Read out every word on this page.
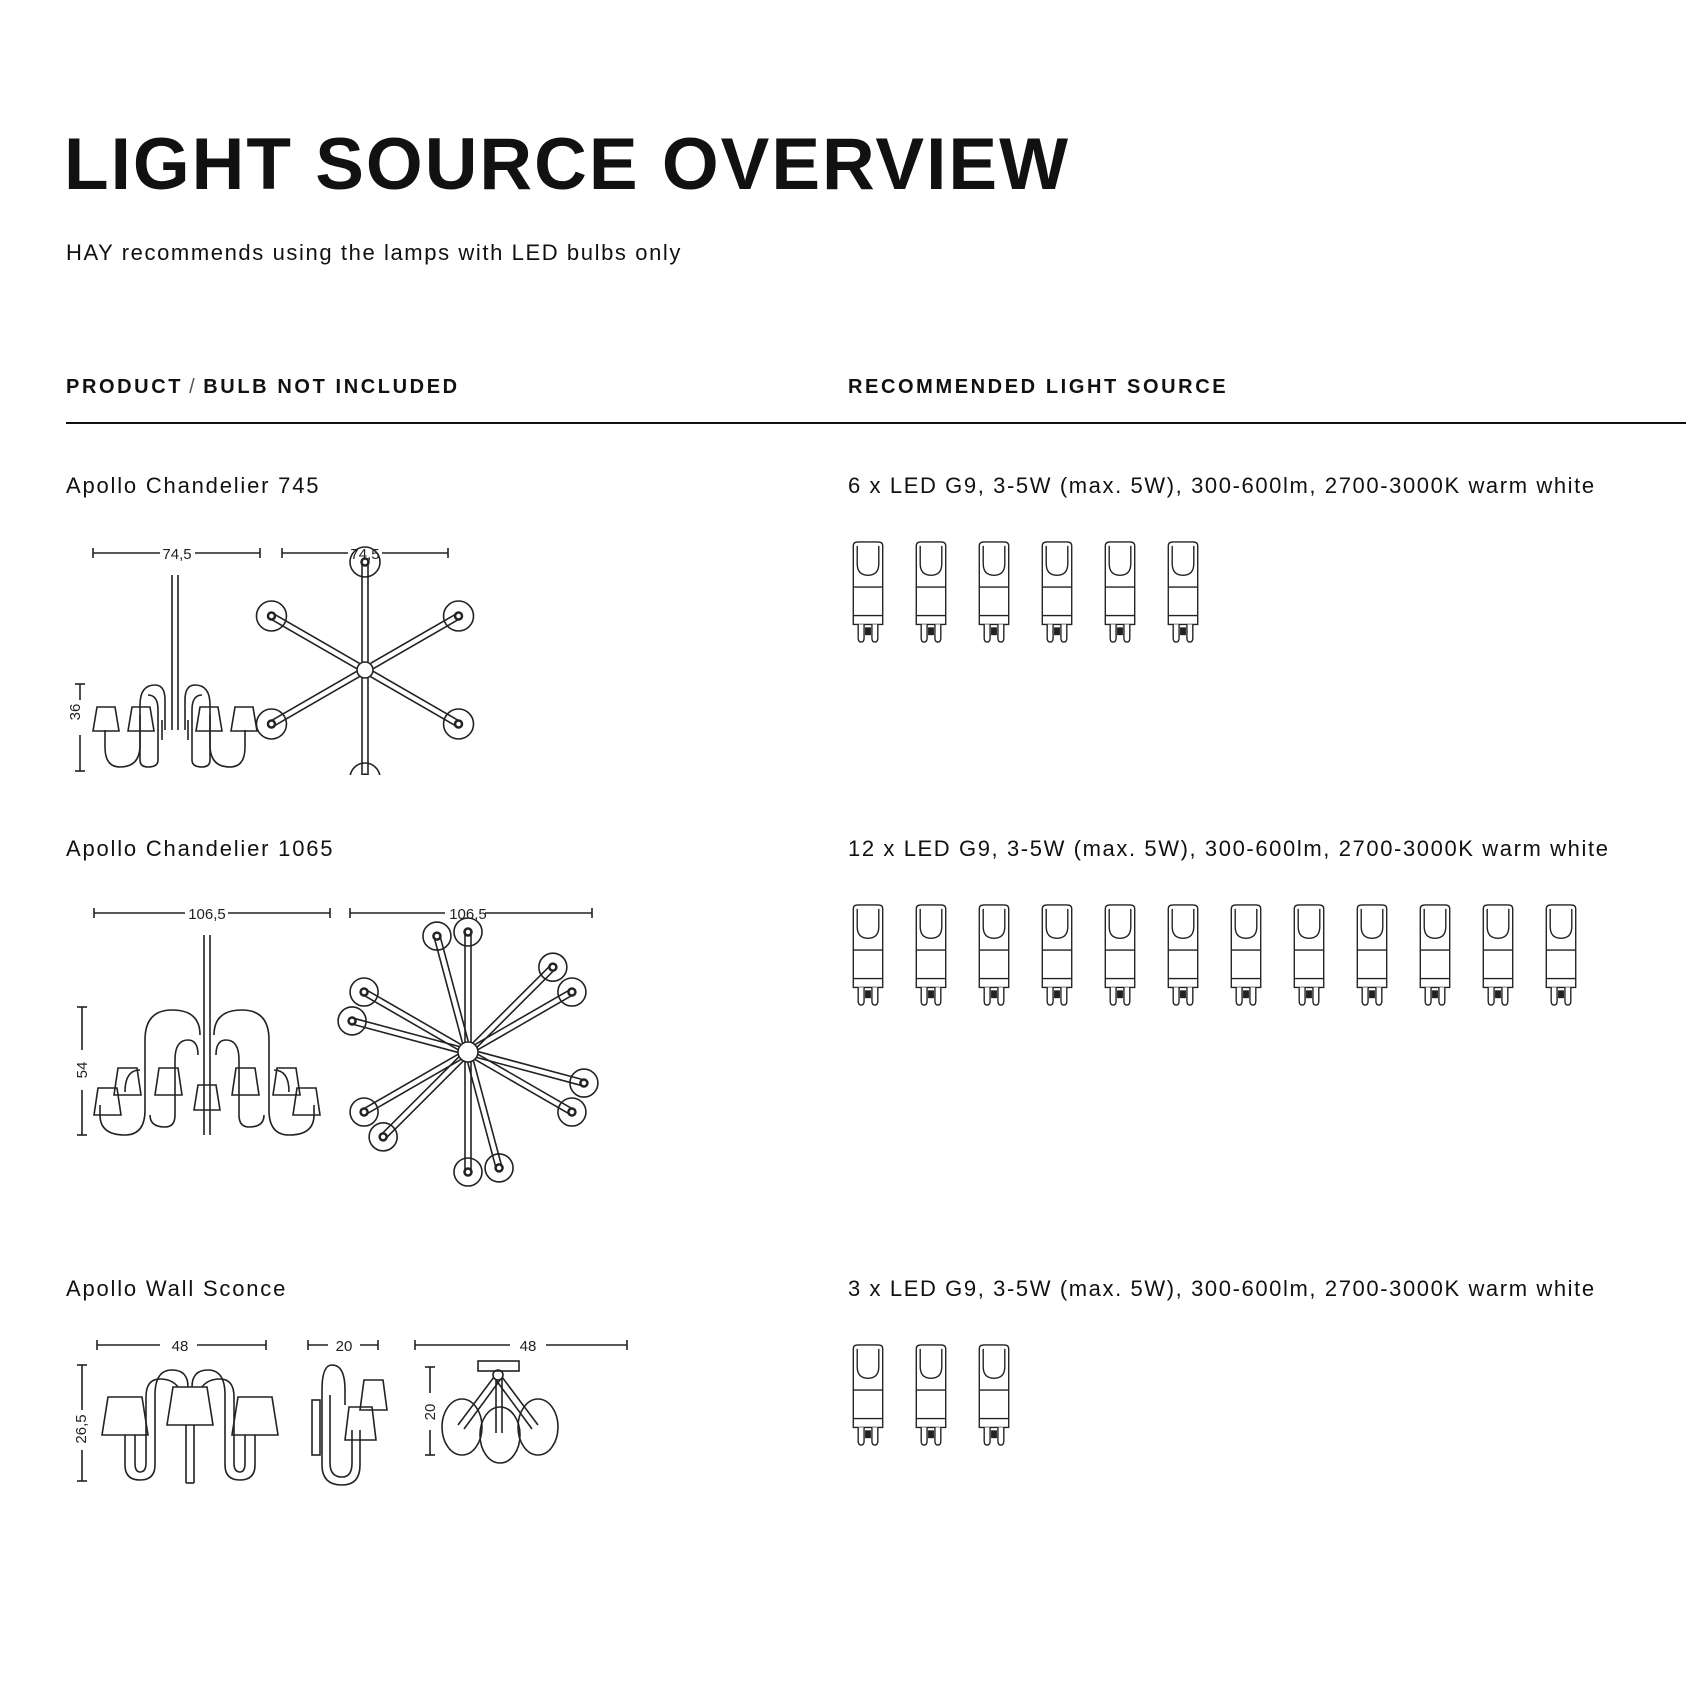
LIGHT SOURCE OVERVIEW
HAY recommends using the lamps with LED bulbs only
PRODUCT / BULB NOT INCLUDED	RECOMMENDED LIGHT SOURCE
Apollo Chandelier 745	6 x LED G9, 3-5W (max. 5W), 300-600lm, 2700-3000K warm white
74,5
36
74,5
Apollo Chandelier 1065	12 x LED G9, 3-5W (max. 5W), 300-600lm, 2700-3000K warm white
106,5
54
106,5
Apollo Wall Sconce	3 x LED G9, 3-5W (max. 5W), 300-600lm, 2700-3000K warm white
48	20	48
26,5
20
